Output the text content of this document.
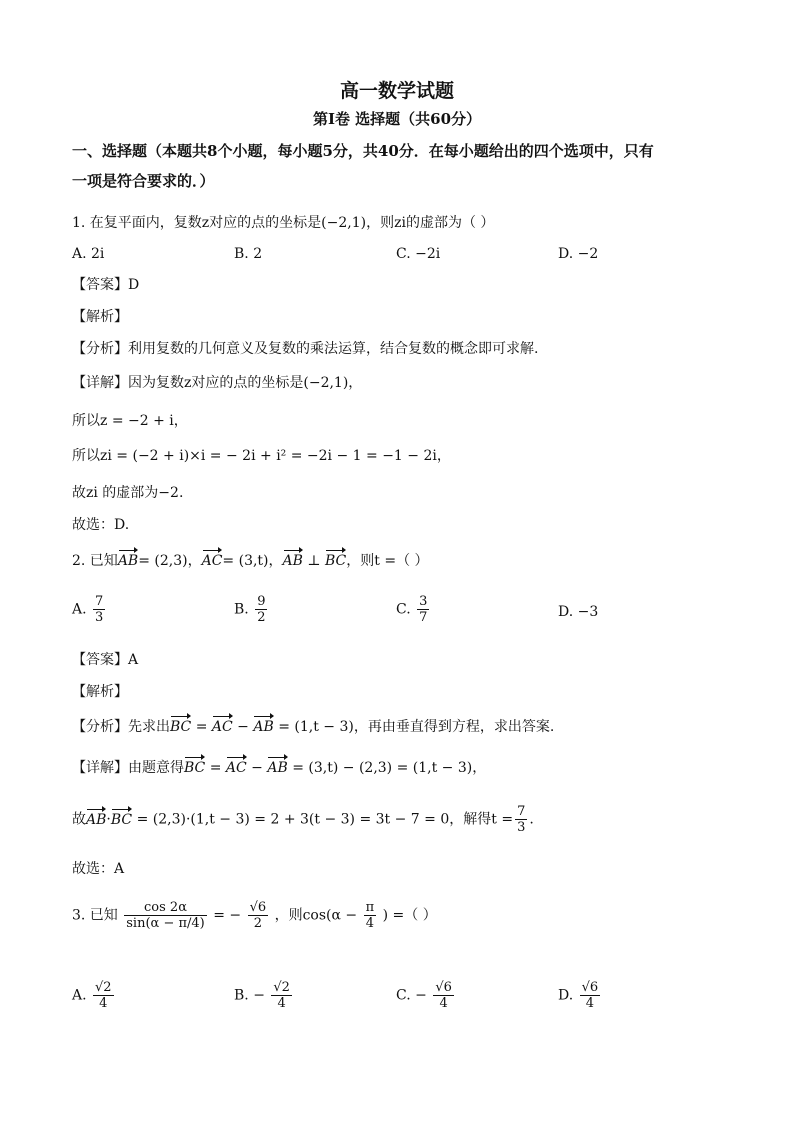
高一数学试题
第Ⅰ卷 选择题（共60分）
一、选择题（本题共8个小题，每小题5分，共40分．在每小题给出的四个选项中，只有
一项是符合要求的．）
1. 在复平面内，复数z对应的点的坐标是(−2,1)，则zi的虚部为（ ）
A. 2i	B. 2	C. −2i	D. −2
【答案】D
【解析】
【分析】利用复数的几何意义及复数的乘法运算，结合复数的概念即可求解.
【详解】因为复数z对应的点的坐标是(−2,1)，
所以z = −2 + i，
所以zi = (−2 + i)×i = − 2i + i² = −2i − 1 = −1 − 2i，
故zi 的虚部为−2.
故选：D.
2. 已知AB= (2,3)，AC= (3,t)，AB ⊥ BC，则t =（ ）
A. $\frac{7}{3}$	B. $\frac{9}{2}$	C. $\frac{3}{7}$	D. −3
【答案】A
【解析】
【分析】先求出BC = AC − AB = (1,t − 3)，再由垂直得到方程，求出答案.
【详解】由题意得BC = AC − AB = (3,t) − (2,3) = (1,t − 3)，
故AB·BC = (2,3)·(1,t − 3) = 2 + 3(t − 3) = 3t − 7 = 0，解得$t = \frac{7}{3}$ .
故选：A
3. 已知 $\frac{\cos 2\alpha}{\sin(\alpha - \pi/4)}$ = − $\frac{√6}{2}$ ，则$\cos(\alpha - \frac{\pi}{4}$ ) =（ ）
A. $\frac{√2}{4}$	B. − $\frac{√2}{4}$	C. − $\frac{√6}{4}$	D. $\frac{√6}{4}$
